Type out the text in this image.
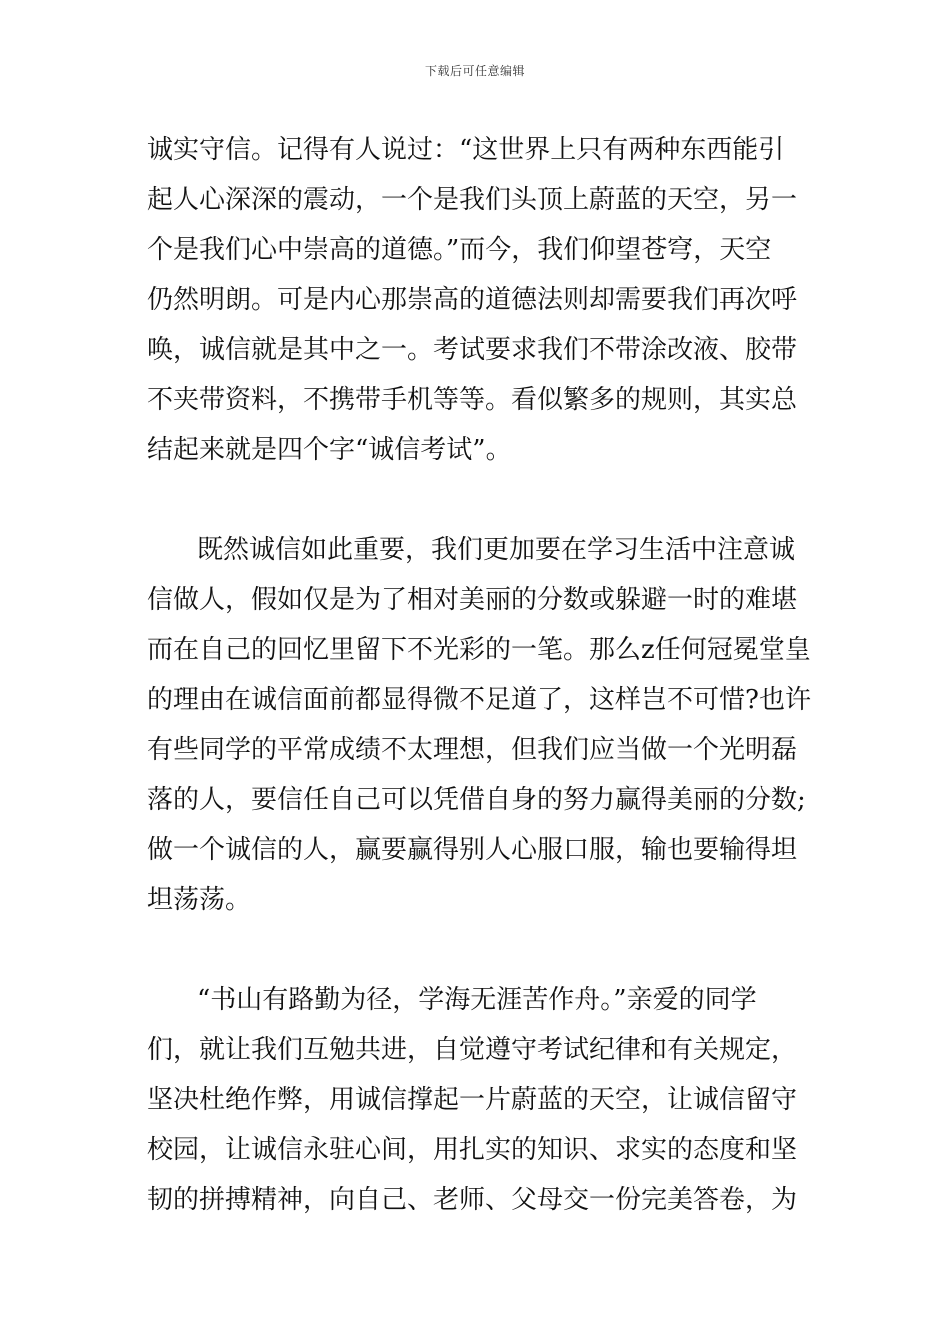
下载后可任意编辑
诚实守信。记得有人说过：“这世界上只有两种东西能引
起人心深深的震动，一个是我们头顶上蔚蓝的天空，另一
个是我们心中崇高的道德。”而今，我们仰望苍穹，天空
仍然明朗。可是内心那崇高的道德法则却需要我们再次呼
唤，诚信就是其中之一。考试要求我们不带涂改液、胶带
不夹带资料，不携带手机等等。看似繁多的规则，其实总
结起来就是四个字“诚信考试”。
既然诚信如此重要，我们更加要在学习生活中注意诚
信做人，假如仅是为了相对美丽的分数或躲避一时的难堪
而在自己的回忆里留下不光彩的一笔。那么z任何冠冕堂皇
的理由在诚信面前都显得微不足道了，这样岂不可惜?也许
有些同学的平常成绩不太理想，但我们应当做一个光明磊
落的人，要信任自己可以凭借自身的努力赢得美丽的分数;
做一个诚信的人，赢要赢得别人心服口服，输也要输得坦
坦荡荡。
“书山有路勤为径，学海无涯苦作舟。”亲爱的同学
们，就让我们互勉共进，自觉遵守考试纪律和有关规定，
坚决杜绝作弊，用诚信撑起一片蔚蓝的天空，让诚信留守
校园，让诚信永驻心间，用扎实的知识、求实的态度和坚
韧的拼搏精神，向自己、老师、父母交一份完美答卷，为
